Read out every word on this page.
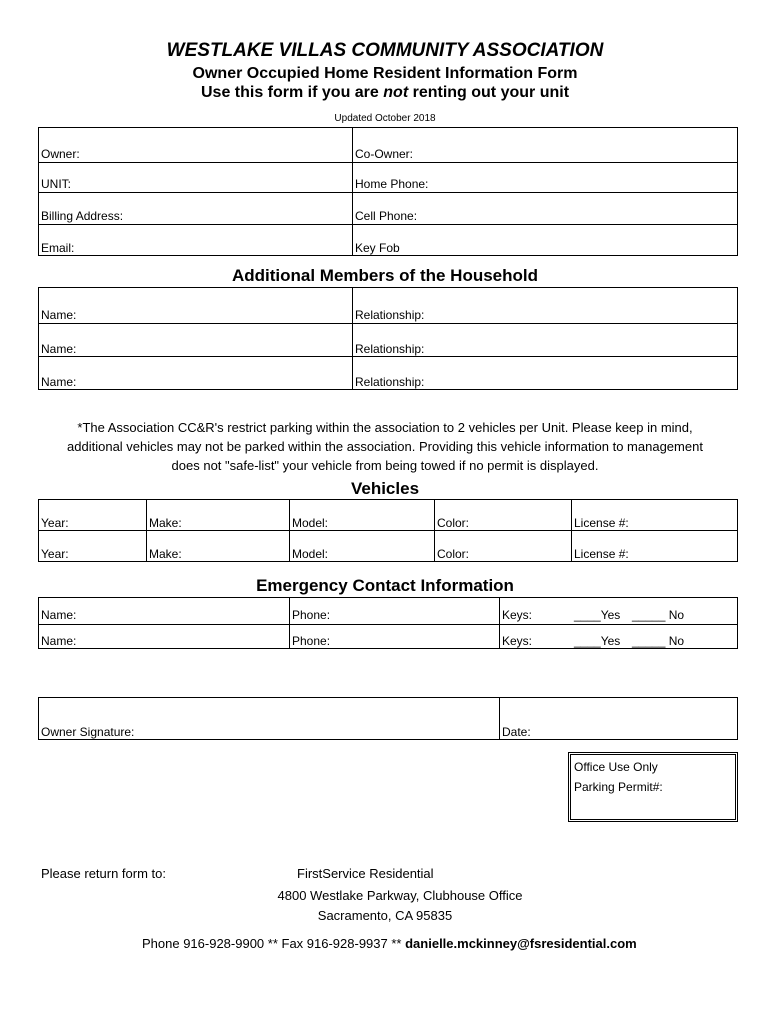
WESTLAKE VILLAS COMMUNITY ASSOCIATION
Owner Occupied Home Resident Information Form
Use this form if you are not renting out your unit
Updated October 2018
Owner:	Co-Owner:
UNIT:	Home Phone:
Billing Address:	Cell Phone:
Email:	Key Fob
Additional Members of the Household
Name:	Relationship:
Name:	Relationship:
Name:	Relationship:
*The Association CC&R's restrict parking within the association to 2 vehicles per Unit. Please keep in mind,
additional vehicles may not be parked within the association. Providing this vehicle information to management
does not "safe-list" your vehicle from being towed if no permit is displayed.
Vehicles
Year:	Make:	Model:	Color:	License #:
Year:	Make:	Model:	Color:	License #:
Emergency Contact Information
Name:	Phone:	Keys:	____Yes _____ No
Name:	Phone:	Keys:	____Yes _____ No
Owner Signature:	Date:
Office Use Only
Parking Permit#:
Please return form to:	FirstService Residential
4800 Westlake Parkway, Clubhouse Office
Sacramento, CA 95835
Phone 916-928-9900 ** Fax 916-928-9937 ** danielle.mckinney@fsresidential.com
